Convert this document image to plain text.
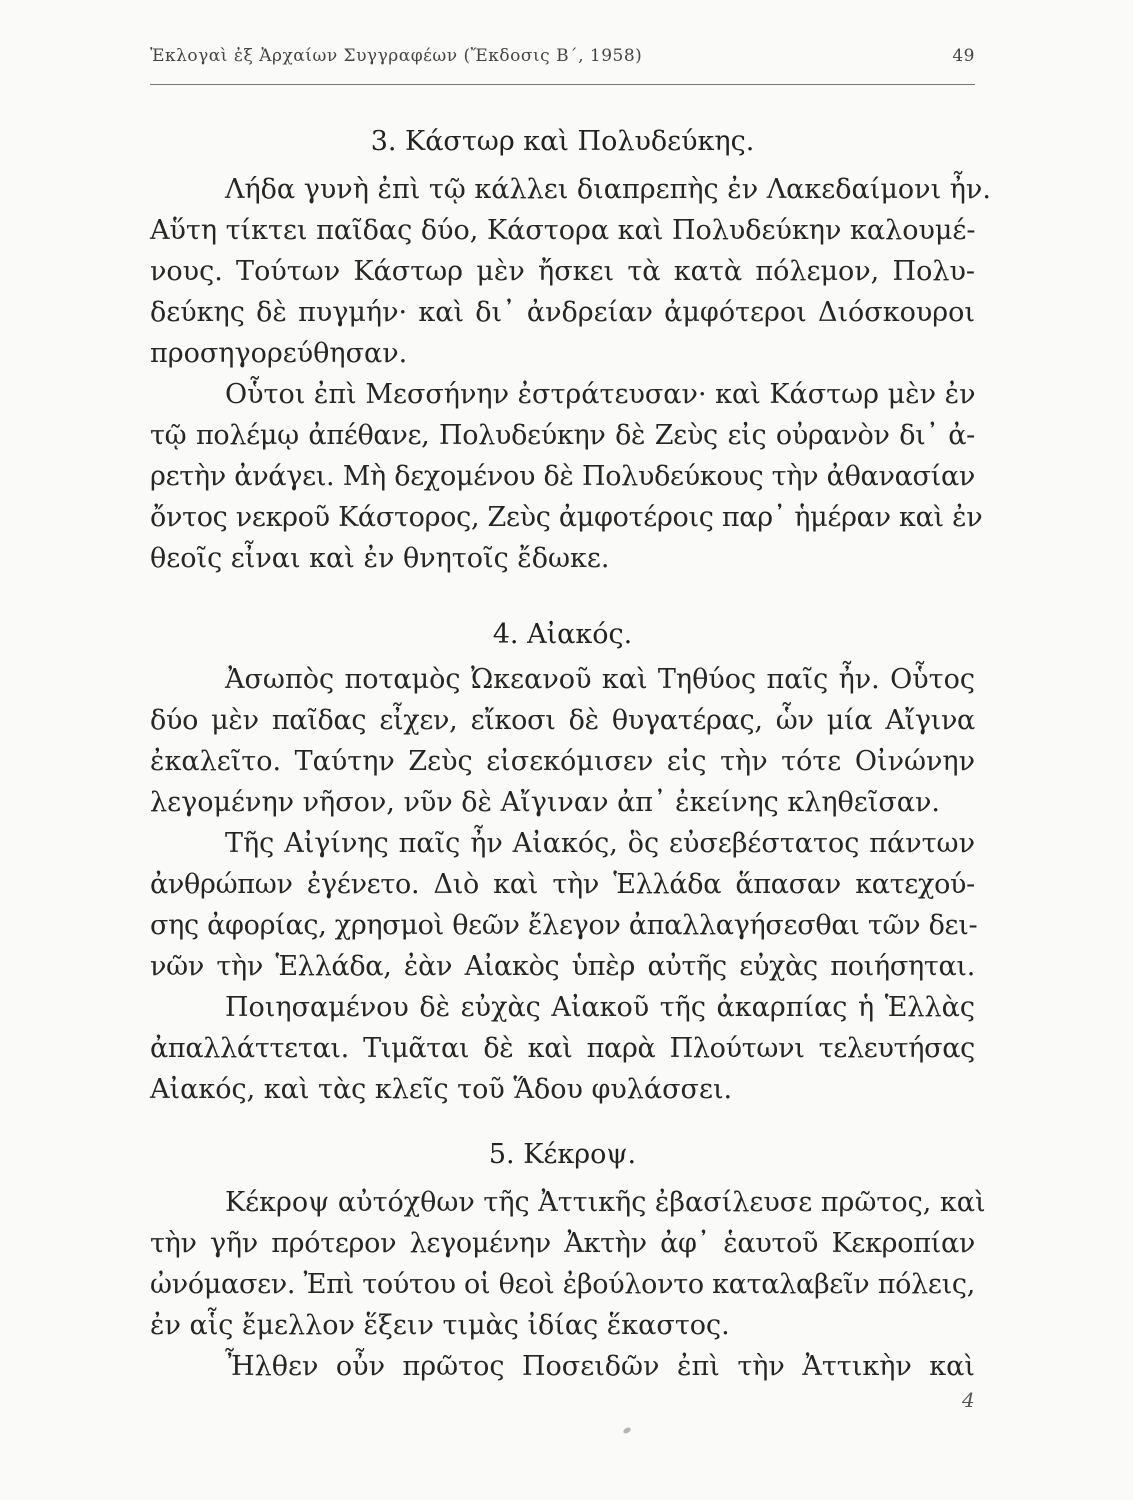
Ἐκλογαὶ ἐξ Ἀρχαίων Συγγραφέων (Ἔκδοσις Β΄, 1958)	49
3. Κάστωρ καὶ Πολυδεύκης.
Λήδα γυνὴ ἐπὶ τῷ κάλλει διαπρεπὴς ἐν Λακεδαίμονι ἦν.
Αὕτη τίκτει παῖδας δύο, Κάστορα καὶ Πολυδεύκην καλουμέ-
νους. Τούτων Κάστωρ μὲν ἤσκει τὰ κατὰ πόλεμον, Πολυ-
δεύκης δὲ πυγμήν· καὶ δι᾽ ἀνδρείαν ἀμφότεροι Διόσκουροι
προσηγορεύθησαν.
Οὗτοι ἐπὶ Μεσσήνην ἐστράτευσαν· καὶ Κάστωρ μὲν ἐν
τῷ πολέμῳ ἀπέθανε, Πολυδεύκην δὲ Ζεὺς εἰς οὐρανὸν δι᾽ ἀ-
ρετὴν ἀνάγει. Μὴ δεχομένου δὲ Πολυδεύκους τὴν ἀθανασίαν
ὄντος νεκροῦ Κάστορος, Ζεὺς ἀμφοτέροις παρ᾽ ἡμέραν καὶ ἐν
θεοῖς εἶναι καὶ ἐν θνητοῖς ἔδωκε.
4. Αἰακός.
Ἀσωπὸς ποταμὸς Ὠκεανοῦ καὶ Τηθύος παῖς ἦν. Οὗτος
δύο μὲν παῖδας εἶχεν, εἴκοσι δὲ θυγατέρας, ὧν μία Αἴγινα
ἐκαλεῖτο. Ταύτην Ζεὺς εἰσεκόμισεν εἰς τὴν τότε Οἰνώνην
λεγομένην νῆσον, νῦν δὲ Αἴγιναν ἀπ᾽ ἐκείνης κληθεῖσαν.
Τῆς Αἰγίνης παῖς ἦν Αἰακός, ὃς εὐσεβέστατος πάντων
ἀνθρώπων ἐγένετο. Διὸ καὶ τὴν Ἑλλάδα ἅπασαν κατεχού-
σης ἀφορίας, χρησμοὶ θεῶν ἔλεγον ἀπαλλαγήσεσθαι τῶν δει-
νῶν τὴν Ἑλλάδα, ἐὰν Αἰακὸς ὑπὲρ αὐτῆς εὐχὰς ποιήσηται.
Ποιησαμένου δὲ εὐχὰς Αἰακοῦ τῆς ἀκαρπίας ἡ Ἑλλὰς
ἀπαλλάττεται. Τιμᾶται δὲ καὶ παρὰ Πλούτωνι τελευτήσας
Αἰακός, καὶ τὰς κλεῖς τοῦ Ἅδου φυλάσσει.
5. Κέκροψ.
Κέκροψ αὐτόχθων τῆς Ἀττικῆς ἐβασίλευσε πρῶτος, καὶ
τὴν γῆν πρότερον λεγομένην Ἀκτὴν ἀφ᾽ ἑαυτοῦ Κεκροπίαν
ὠνόμασεν. Ἐπὶ τούτου οἱ θεοὶ ἐβούλοντο καταλαβεῖν πόλεις,
ἐν αἷς ἔμελλον ἕξειν τιμὰς ἰδίας ἕκαστος.
Ἦλθεν οὖν πρῶτος Ποσειδῶν ἐπὶ τὴν Ἀττικὴν καὶ
4
